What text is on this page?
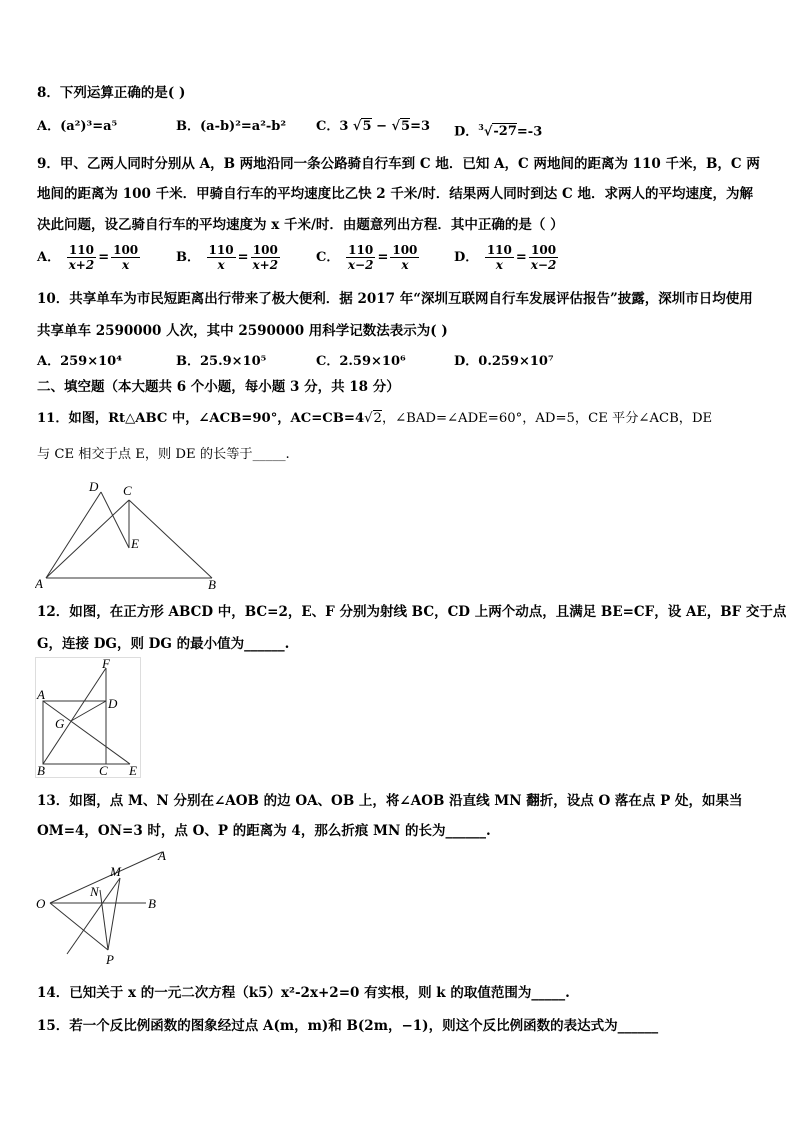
8．下列运算正确的是( )
A．(a²)³=a⁵	B．(a-b)²=a²-b² C．3 √5 − √5=3 D．$^3$√-27=-3
9．甲、乙两人同时分别从 A，B 两地沿同一条公路骑自行车到 C 地．已知 A，C 两地间的距离为 110 千米，B，C 两
地间的距离为 100 千米．甲骑自行车的平均速度比乙快 2 千米/时．结果两人同时到达 C 地．求两人的平均速度，为解
决此问题，设乙骑自行车的平均速度为 x 千米/时．由题意列出方程．其中正确的是（ ）
A． $\frac{110}{x+2} = \frac{100}{x}$	B． $\frac{110}{x} = \frac{100}{x+2}$	C． $\frac{110}{x-2} = \frac{100}{x}$	D． $\frac{110}{x} = \frac{100}{x-2}$
10．共享单车为市民短距离出行带来了极大便利．据 2017 年“深圳互联网自行车发展评估报告”披露，深圳市日均使用
共享单车 2590000 人次，其中 2590000 用科学记数法表示为( )
A．259×10⁴	B．25.9×10⁵	C．2.59×10⁶	D．0.259×10⁷
二、填空题（本大题共 6 个小题，每小题 3 分，共 18 分）
11．如图，Rt△ABC 中，∠ACB=90°，AC=CB=4√2，∠BAD=∠ADE=60°，AD=5，CE 平分∠ACB，DE
与 CE 相交于点 E，则 DE 的长等于_____.
A	B
C
D
E
12．如图，在正方形 ABCD 中，BC=2，E、F 分别为射线 BC，CD 上两个动点，且满足 BE=CF，设 AE，BF 交于点
G，连接 DG，则 DG 的最小值为______.
A
B	C
D
E
F
G
13．如图，点 M、N 分别在∠AOB 的边 OA、OB 上，将∠AOB 沿直线 MN 翻折，设点 O 落在点 P 处，如果当
OM=4，ON=3 时，点 O、P 的距离为 4，那么折痕 MN 的长为______.
O
A
B
M
N
P
14．已知关于 x 的一元二次方程（k5）x²-2x+2=0 有实根，则 k 的取值范围为_____.
15．若一个反比例函数的图象经过点 A(m，m)和 B(2m，−1)，则这个反比例函数的表达式为______
